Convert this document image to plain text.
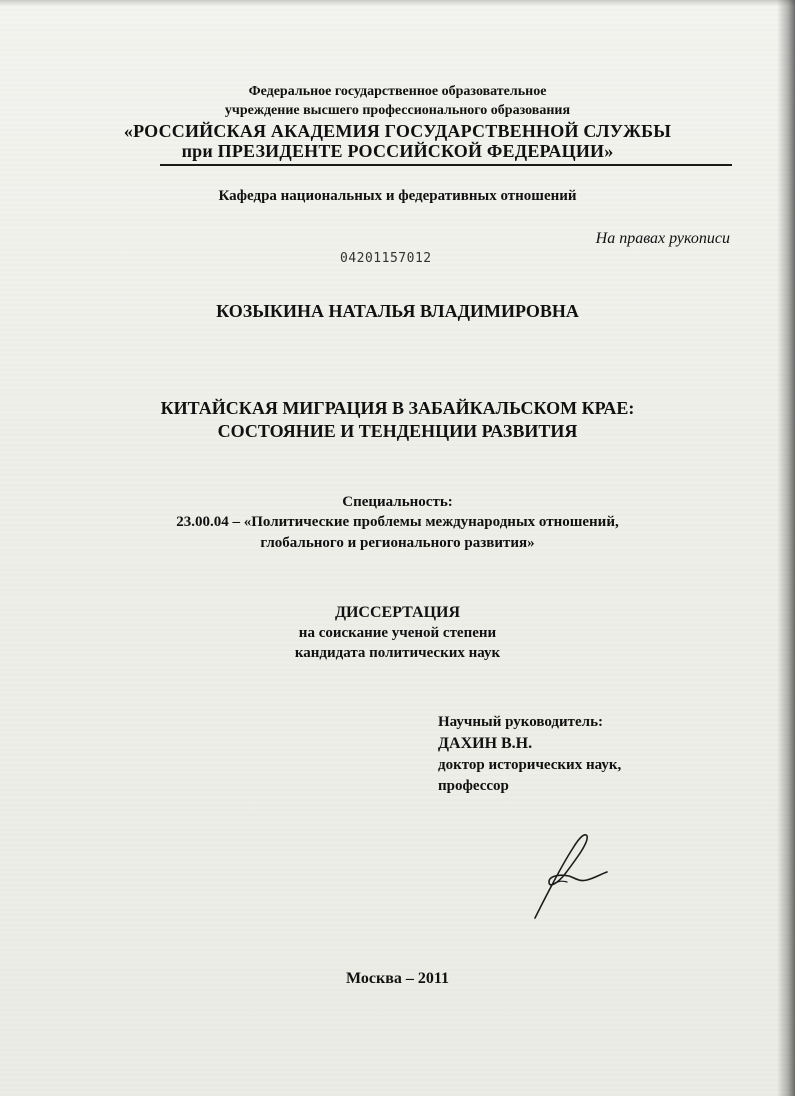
Федеральное государственное образовательное
учреждение высшего профессионального образования
«РОССИЙСКАЯ АКАДЕМИЯ ГОСУДАРСТВЕННОЙ СЛУЖБЫ
при ПРЕЗИДЕНТЕ РОССИЙСКОЙ ФЕДЕРАЦИИ»
Кафедра национальных и федеративных отношений
На правах рукописи
04201157012
КОЗЫКИНА НАТАЛЬЯ ВЛАДИМИРОВНА
КИТАЙСКАЯ МИГРАЦИЯ В ЗАБАЙКАЛЬСКОМ КРАЕ:
СОСТОЯНИЕ И ТЕНДЕНЦИИ РАЗВИТИЯ
Специальность:
23.00.04 – «Политические проблемы международных отношений,
глобального и регионального развития»
ДИССЕРТАЦИЯ
на соискание ученой степени
кандидата политических наук
Научный руководитель:
ДАХИН В.Н.
доктор исторических наук,
профессор
Москва – 2011
